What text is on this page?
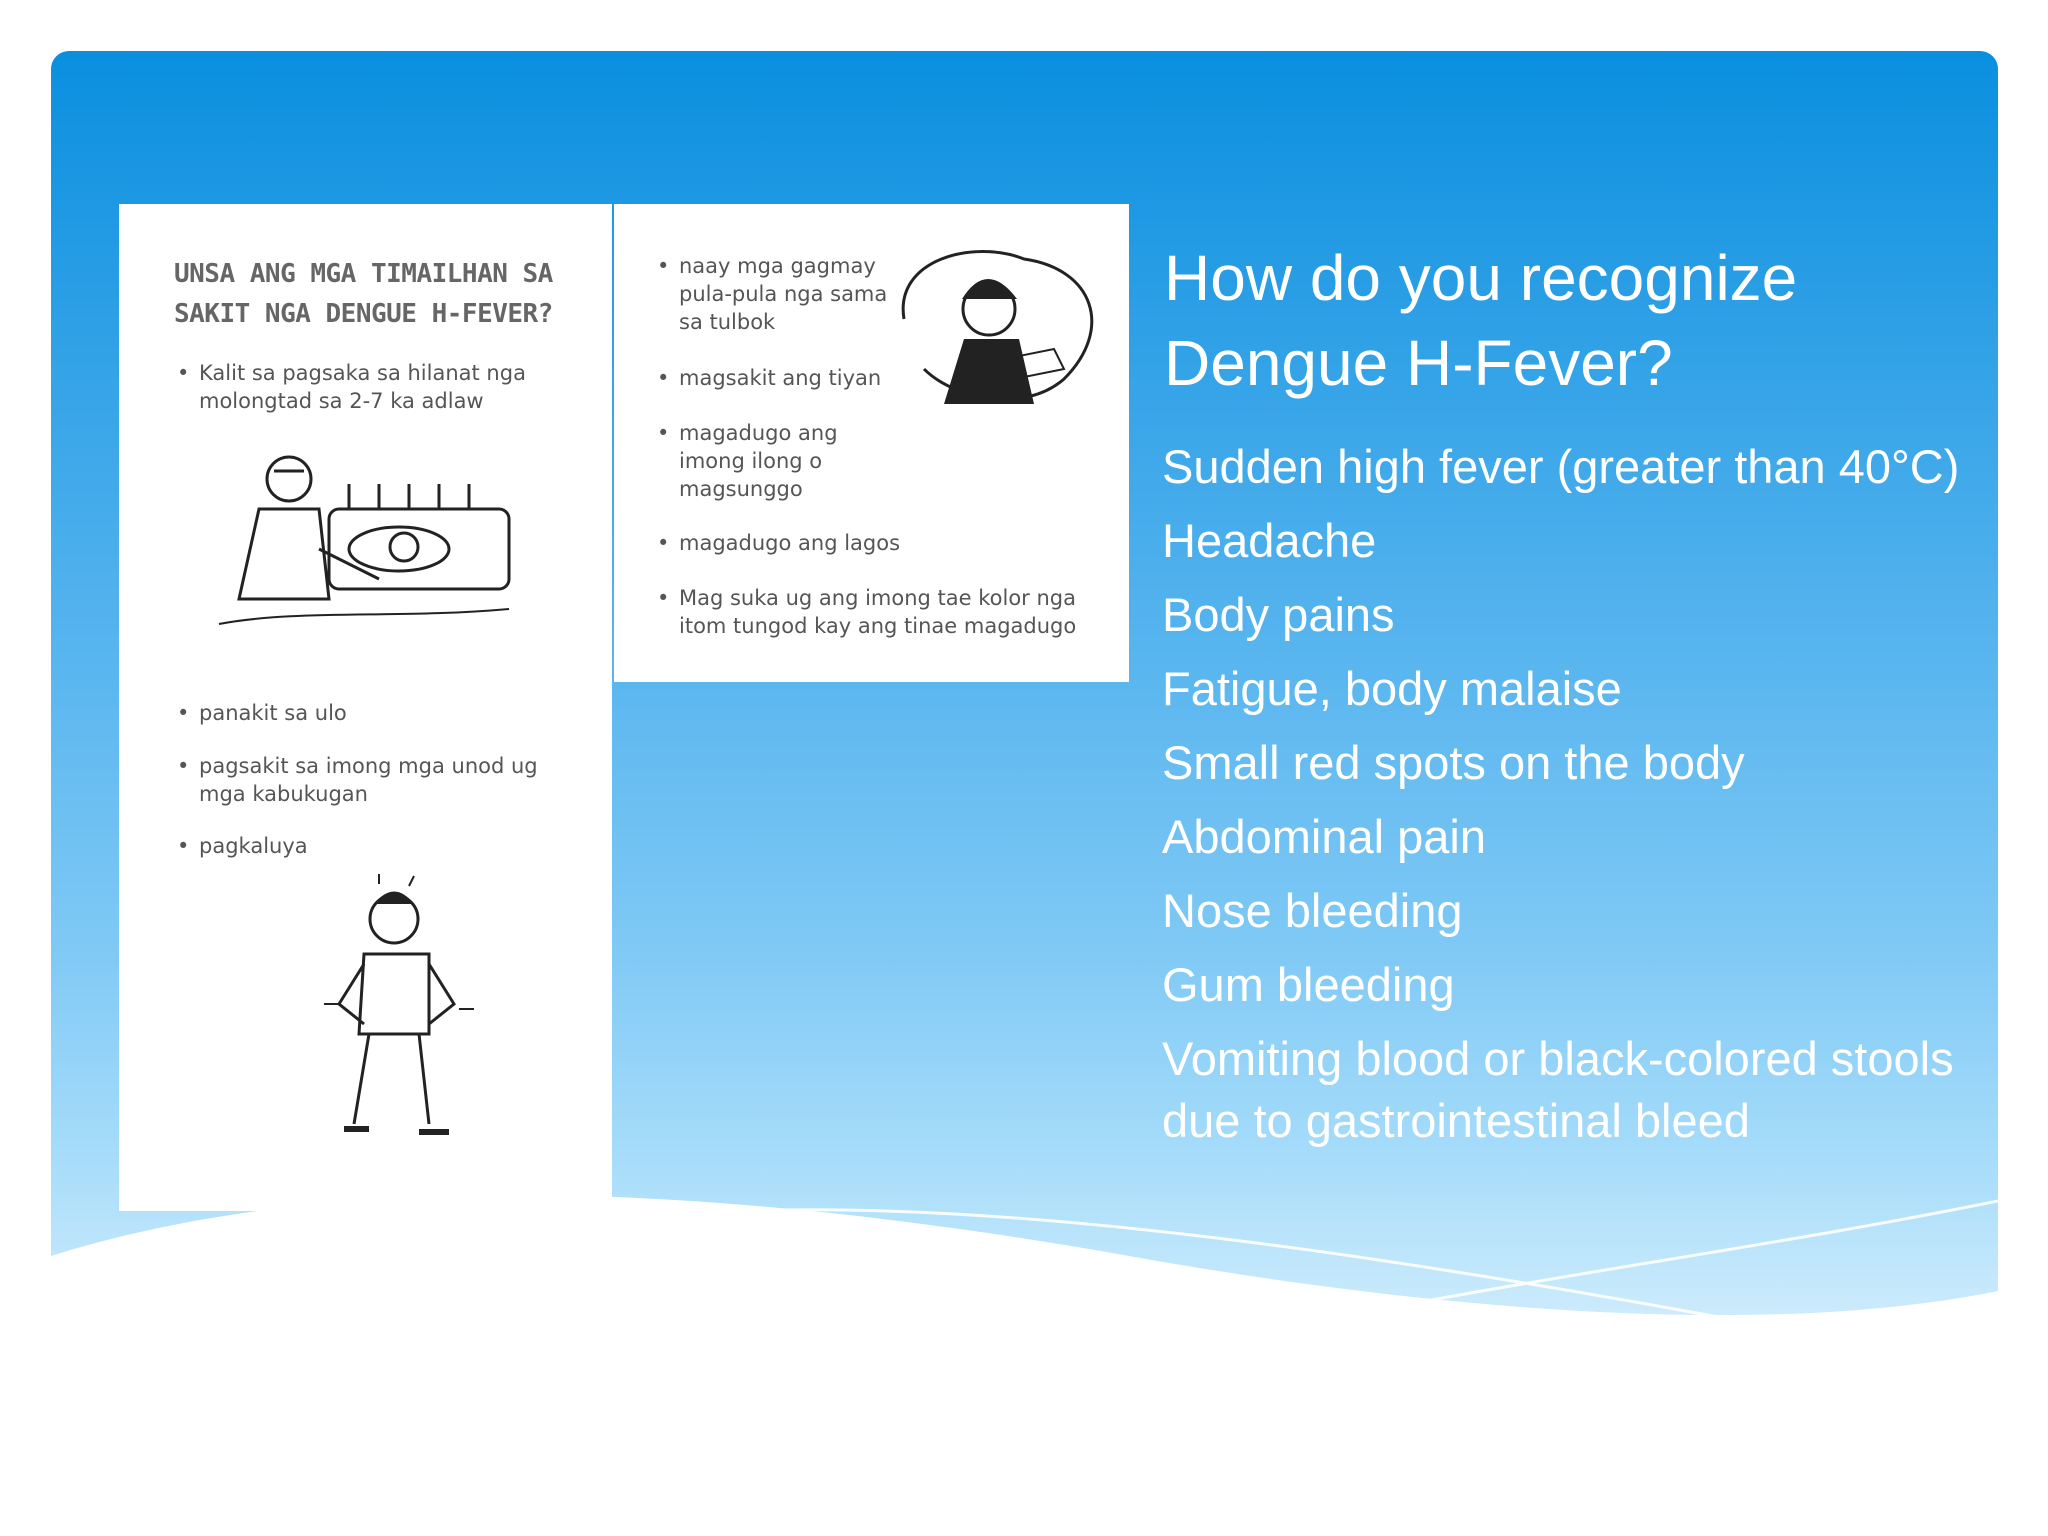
UNSA ANG MGA TIMAILHAN SA SAKIT NGA DENGUE H-FEVER?
• Kalit sa pagsaka sa hilanat nga molongtad sa 2-7 ka adlaw
• panakit sa ulo
• pagsakit sa imong mga unod ug mga kabukugan
• pagkaluya
• naay mga gagmay pula-pula nga sama sa tulbok
• magsakit ang tiyan
• magadugo ang imong ilong o magsunggo
• magadugo ang lagos
• Mag suka ug ang imong tae kolor nga itom tungod kay ang tinae magadugo
How do you recognize Dengue H-Fever?
Sudden high fever (greater than 40°C)
Headache
Body pains
Fatigue, body malaise
Small red spots on the body
Abdominal pain
Nose bleeding
Gum bleeding
Vomiting blood or black-colored stools due to gastrointestinal bleed
